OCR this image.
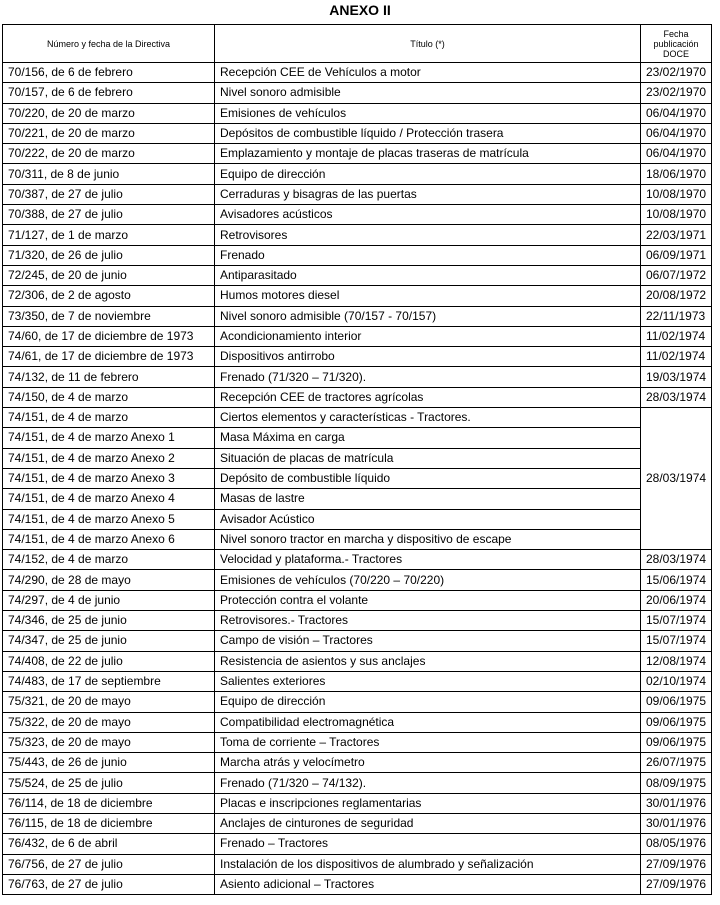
ANEXO II
Número y fecha de la Directiva	Título (*)	Fecha publicación DOCE
70/156, de 6 de febrero	Recepción CEE de Vehículos a motor	23/02/1970
70/157, de 6 de febrero	Nivel sonoro admisible	23/02/1970
70/220, de 20 de marzo	Emisiones de vehículos	06/04/1970
70/221, de 20 de marzo	Depósitos de combustible líquido / Protección trasera	06/04/1970
70/222, de 20 de marzo	Emplazamiento y montaje de placas traseras de matrícula	06/04/1970
70/311, de 8 de junio	Equipo de dirección	18/06/1970
70/387, de 27 de julio	Cerraduras y bisagras de las puertas	10/08/1970
70/388, de 27 de julio	Avisadores acústicos	10/08/1970
71/127, de 1 de marzo	Retrovisores	22/03/1971
71/320, de 26 de julio	Frenado	06/09/1971
72/245, de 20 de junio	Antiparasitado	06/07/1972
72/306, de 2 de agosto	Humos motores diesel	20/08/1972
73/350, de 7 de noviembre	Nivel sonoro admisible (70/157 - 70/157)	22/11/1973
74/60, de 17 de diciembre de 1973	Acondicionamiento interior	11/02/1974
74/61, de 17 de diciembre de 1973	Dispositivos antirrobo	11/02/1974
74/132, de 11 de febrero	Frenado (71/320 – 71/320).	19/03/1974
74/150, de 4 de marzo	Recepción CEE de tractores agrícolas	28/03/1974
74/151, de 4 de marzo	Ciertos elementos y características - Tractores.	28/03/1974
74/151, de 4 de marzo Anexo 1	Masa Máxima en carga	
74/151, de 4 de marzo Anexo 2	Situación de placas de matrícula	
74/151, de 4 de marzo Anexo 3	Depósito de combustible líquido	
74/151, de 4 de marzo Anexo 4	Masas de lastre	
74/151, de 4 de marzo Anexo 5	Avisador Acústico	
74/151, de 4 de marzo Anexo 6	Nivel sonoro tractor en marcha y dispositivo de escape	
74/152, de 4 de marzo	Velocidad y plataforma.- Tractores	28/03/1974
74/290, de 28 de mayo	Emisiones de vehículos (70/220 – 70/220)	15/06/1974
74/297, de 4 de junio	Protección contra el volante	20/06/1974
74/346, de 25 de junio	Retrovisores.- Tractores	15/07/1974
74/347, de 25 de junio	Campo de visión – Tractores	15/07/1974
74/408, de 22 de julio	Resistencia de asientos y sus anclajes	12/08/1974
74/483, de 17 de septiembre	Salientes exteriores	02/10/1974
75/321, de 20 de mayo	Equipo de dirección	09/06/1975
75/322, de 20 de mayo	Compatibilidad electromagnética	09/06/1975
75/323, de 20 de mayo	Toma de corriente – Tractores	09/06/1975
75/443, de 26 de junio	Marcha atrás y velocímetro	26/07/1975
75/524, de 25 de julio	Frenado (71/320 – 74/132).	08/09/1975
76/114, de 18 de diciembre	Placas e inscripciones reglamentarias	30/01/1976
76/115, de 18 de diciembre	Anclajes de cinturones de seguridad	30/01/1976
76/432, de 6 de abril	Frenado – Tractores	08/05/1976
76/756, de 27 de julio	Instalación de los dispositivos de alumbrado y señalización	27/09/1976
76/763, de 27 de julio	Asiento adicional – Tractores	27/09/1976
